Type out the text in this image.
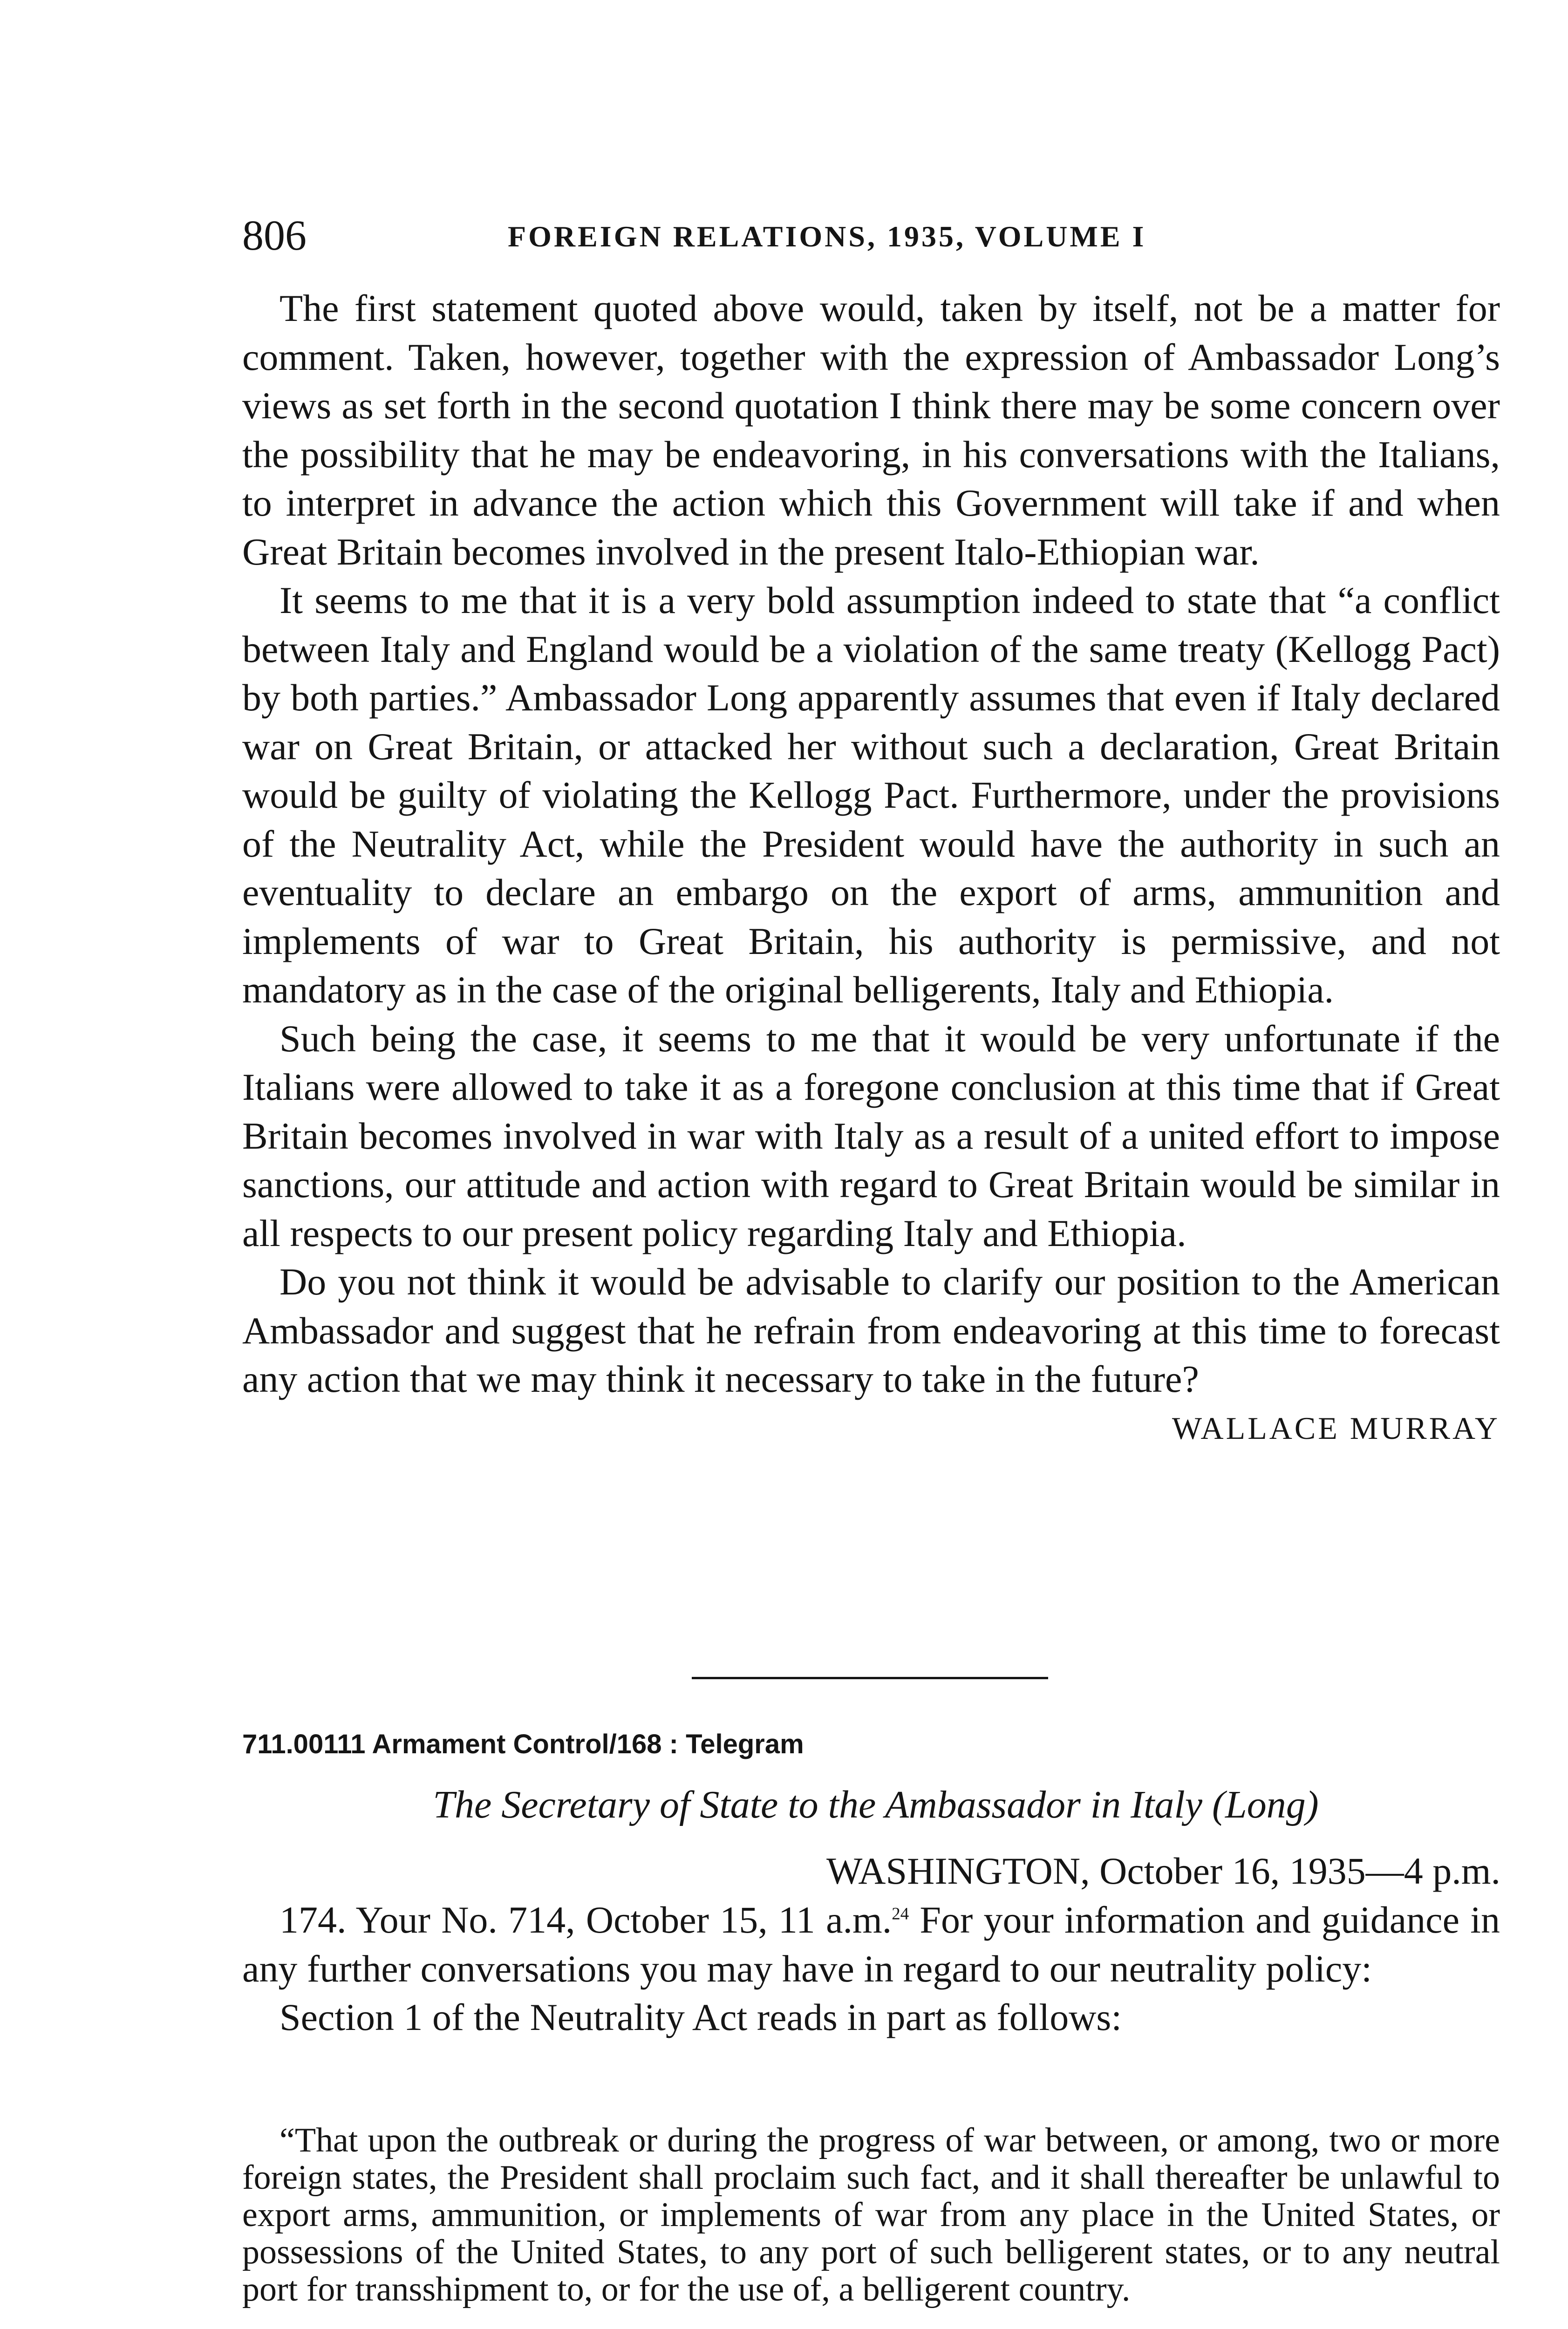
806	FOREIGN RELATIONS, 1935, VOLUME I

The first statement quoted above would, taken by itself, not be a matter for comment. Taken, however, together with the expression of Ambassador Long’s views as set forth in the second quotation I think there may be some concern over the possibility that he may be endeavoring, in his conversations with the Italians, to interpret in advance the action which this Government will take if and when Great Britain becomes involved in the present Italo-Ethiopian war.

It seems to me that it is a very bold assumption indeed to state that “a conflict between Italy and England would be a violation of the same treaty (Kellogg Pact) by both parties.” Ambassador Long apparently assumes that even if Italy declared war on Great Britain, or attacked her without such a declaration, Great Britain would be guilty of violating the Kellogg Pact. Furthermore, under the provisions of the Neutrality Act, while the President would have the authority in such an eventuality to declare an embargo on the export of arms, ammunition and implements of war to Great Britain, his authority is permissive, and not mandatory as in the case of the original belligerents, Italy and Ethiopia.

Such being the case, it seems to me that it would be very unfortunate if the Italians were allowed to take it as a foregone conclusion at this time that if Great Britain becomes involved in war with Italy as a result of a united effort to impose sanctions, our attitude and action with regard to Great Britain would be similar in all respects to our present policy regarding Italy and Ethiopia.

Do you not think it would be advisable to clarify our position to the American Ambassador and suggest that he refrain from endeavoring at this time to forecast any action that we may think it necessary to take in the future?

WALLACE MURRAY
711.00111 Armament Control/168 : Telegram
The Secretary of State to the Ambassador in Italy (Long)
WASHINGTON, October 16, 1935—4 p.m.

174. Your No. 714, October 15, 11 a.m.$^{24}$ For your information and guidance in any further conversations you may have in regard to our neutrality policy:

Section 1 of the Neutrality Act reads in part as follows:

“That upon the outbreak or during the progress of war between, or among, two or more foreign states, the President shall proclaim such fact, and it shall thereafter be unlawful to export arms, ammunition, or implements of war from any place in the United States, or possessions of the United States, to any port of such belligerent states, or to any neutral port for transshipment to, or for the use of, a belligerent country.
